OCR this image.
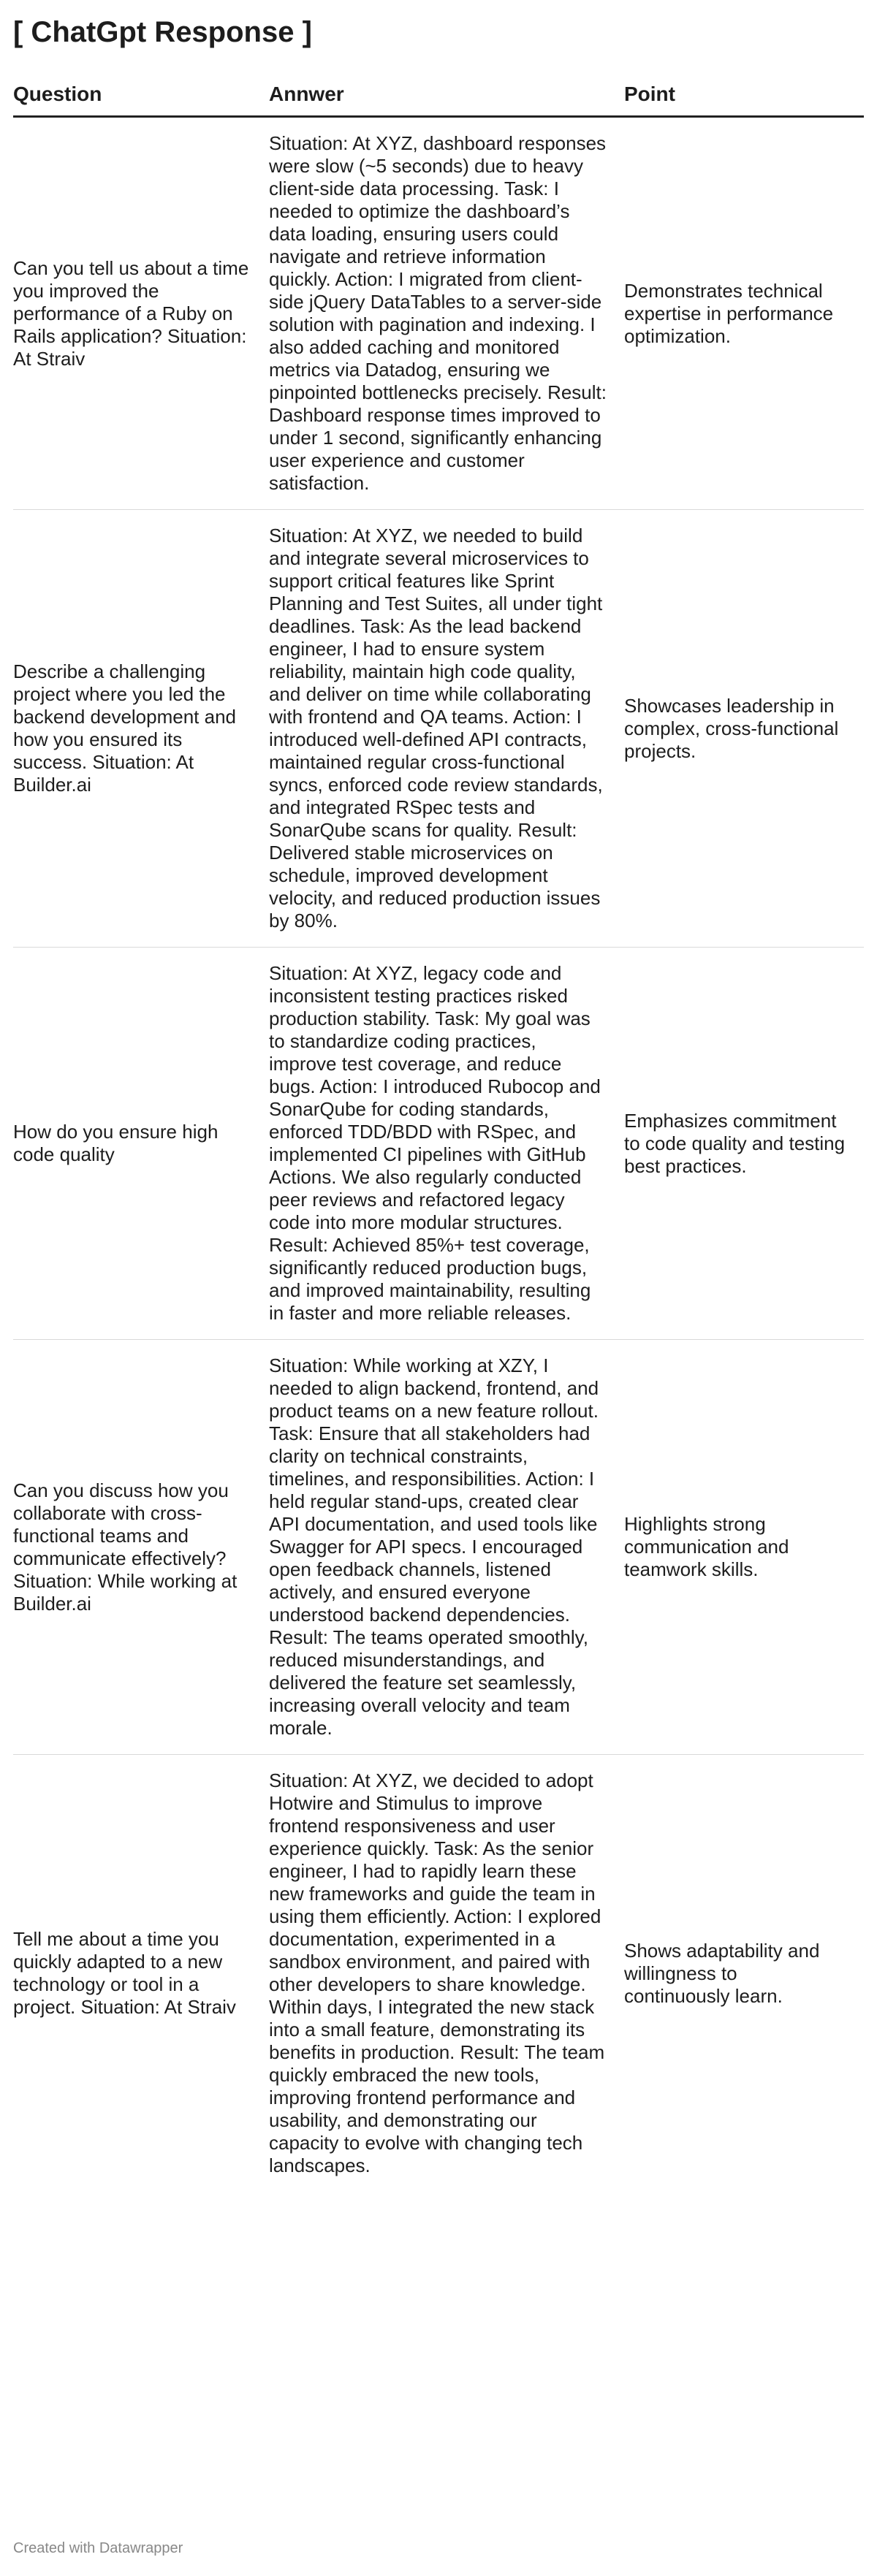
[ ChatGpt Response ]
Question	Annwer	Point
Can you tell us about a time you improved the performance of a Ruby on Rails application? Situation: At Straiv	Situation: At XYZ, dashboard responses were slow (~5 seconds) due to heavy client-side data processing. Task: I needed to optimize the dashboard’s data loading, ensuring users could navigate and retrieve information quickly. Action: I migrated from client-side jQuery DataTables to a server-side solution with pagination and indexing. I also added caching and monitored metrics via Datadog, ensuring we pinpointed bottlenecks precisely. Result: Dashboard response times improved to under 1 second, significantly enhancing user experience and customer satisfaction.	Demonstrates technical expertise in performance optimization.
Describe a challenging project where you led the backend development and how you ensured its success. Situation: At Builder.ai	Situation: At XYZ, we needed to build and integrate several microservices to support critical features like Sprint Planning and Test Suites, all under tight deadlines. Task: As the lead backend engineer, I had to ensure system reliability, maintain high code quality, and deliver on time while collaborating with frontend and QA teams. Action: I introduced well-defined API contracts, maintained regular cross-functional syncs, enforced code review standards, and integrated RSpec tests and SonarQube scans for quality. Result: Delivered stable microservices on schedule, improved development velocity, and reduced production issues by 80%.	Showcases leadership in complex, cross-functional projects.
How do you ensure high code quality	Situation: At XYZ, legacy code and inconsistent testing practices risked production stability. Task: My goal was to standardize coding practices, improve test coverage, and reduce bugs. Action: I introduced Rubocop and SonarQube for coding standards, enforced TDD/BDD with RSpec, and implemented CI pipelines with GitHub Actions. We also regularly conducted peer reviews and refactored legacy code into more modular structures. Result: Achieved 85%+ test coverage, significantly reduced production bugs, and improved maintainability, resulting in faster and more reliable releases.	Emphasizes commitment to code quality and testing best practices.
Can you discuss how you collaborate with cross-functional teams and communicate effectively? Situation: While working at Builder.ai	Situation: While working at XZY, I needed to align backend, frontend, and product teams on a new feature rollout. Task: Ensure that all stakeholders had clarity on technical constraints, timelines, and responsibilities. Action: I held regular stand-ups, created clear API documentation, and used tools like Swagger for API specs. I encouraged open feedback channels, listened actively, and ensured everyone understood backend dependencies. Result: The teams operated smoothly, reduced misunderstandings, and delivered the feature set seamlessly, increasing overall velocity and team morale.	Highlights strong communication and teamwork skills.
Tell me about a time you quickly adapted to a new technology or tool in a project. Situation: At Straiv	Situation: At XYZ, we decided to adopt Hotwire and Stimulus to improve frontend responsiveness and user experience quickly. Task: As the senior engineer, I had to rapidly learn these new frameworks and guide the team in using them efficiently. Action: I explored documentation, experimented in a sandbox environment, and paired with other developers to share knowledge. Within days, I integrated the new stack into a small feature, demonstrating its benefits in production. Result: The team quickly embraced the new tools, improving frontend performance and usability, and demonstrating our capacity to evolve with changing tech landscapes.	Shows adaptability and willingness to continuously learn.
Created with Datawrapper
